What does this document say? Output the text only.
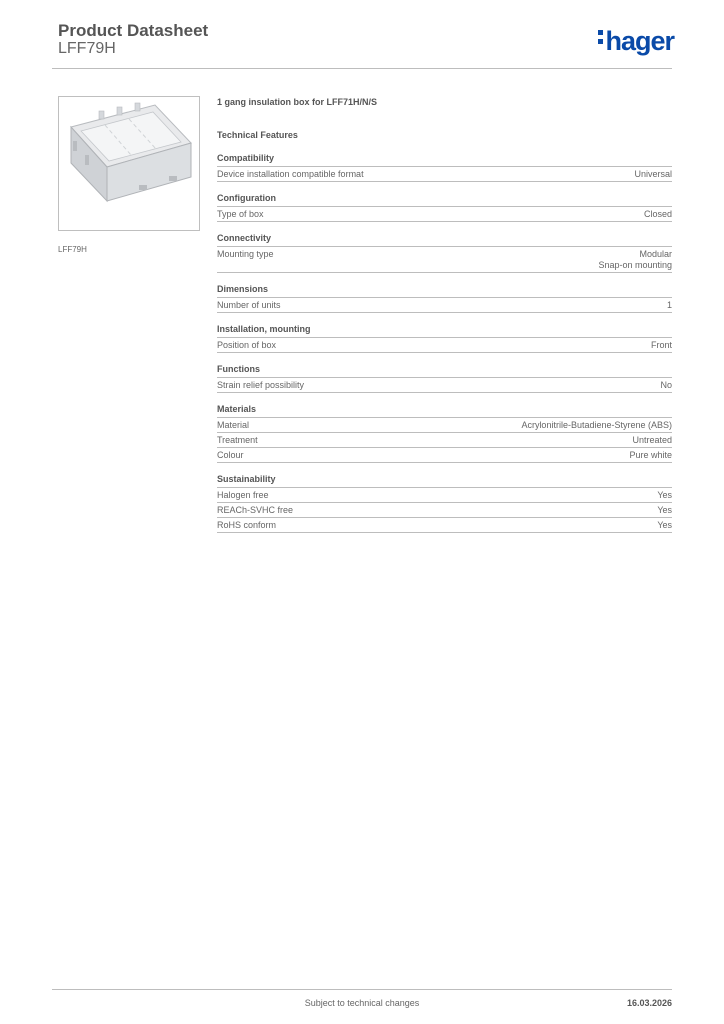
Product Datasheet
LFF79H	hager
LFF79H
1 gang insulation box for LFF71H/N/S
Technical Features
Compatibility
Device installation compatible format	Universal
Configuration
Type of box	Closed
Connectivity
Mounting type	Modular
Snap-on mounting
Dimensions
Number of units	1
Installation, mounting
Position of box	Front
Functions
Strain relief possibility	No
Materials
Material	Acrylonitrile-Butadiene-Styrene (ABS)
Treatment	Untreated
Colour	Pure white
Sustainability
Halogen free	Yes
REACh-SVHC free	Yes
RoHS conform	Yes
Subject to technical changes	16.03.2026
